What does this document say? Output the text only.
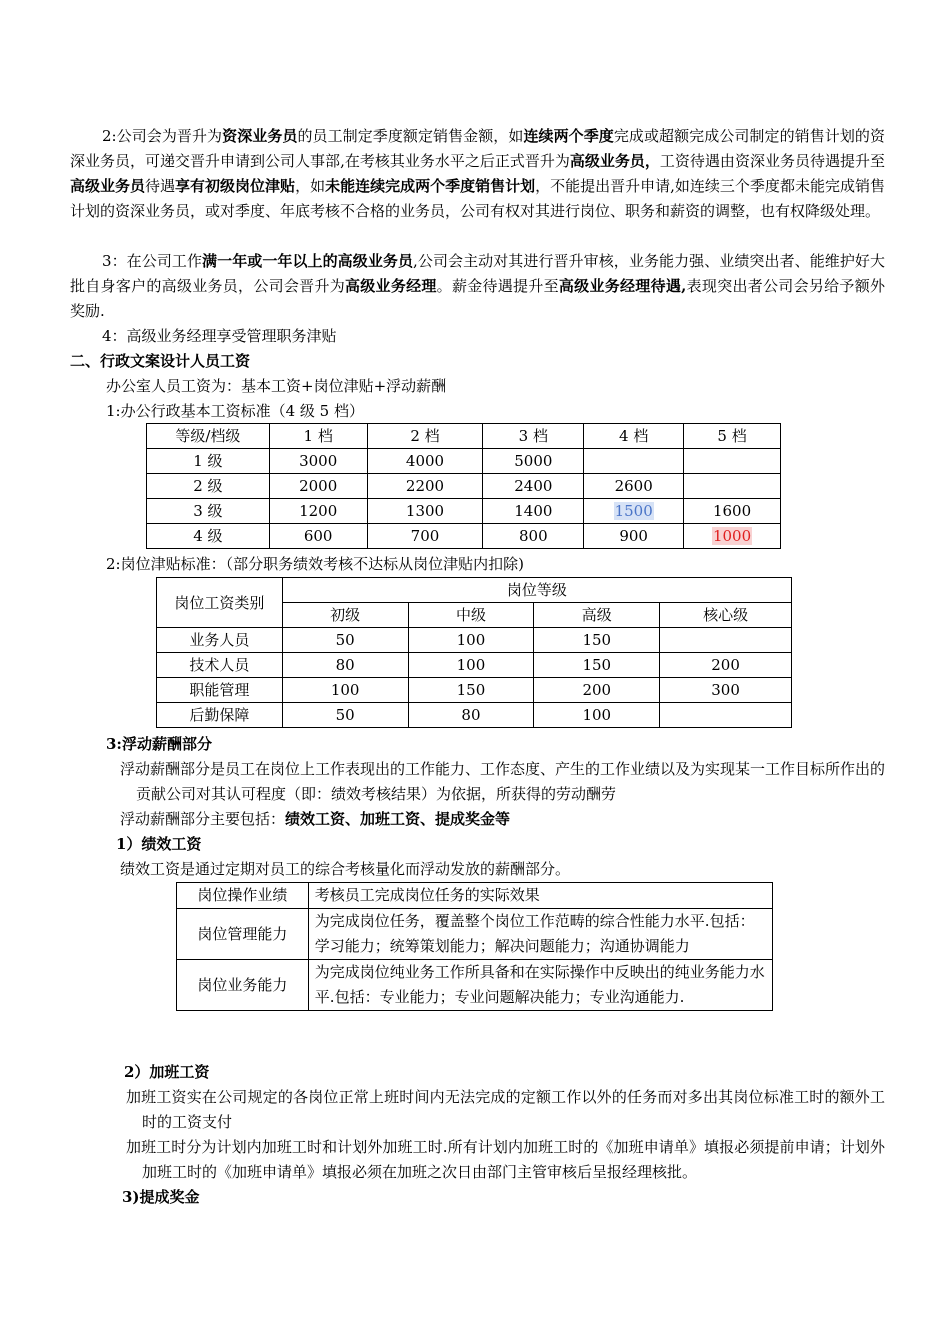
2:公司会为晋升为资深业务员的员工制定季度额定销售金额，如连续两个季度完成或超额完成公司制定的销售计划的资深业务员，可递交晋升申请到公司人事部,在考核其业务水平之后正式晋升为高级业务员，工资待遇由资深业务员待遇提升至高级业务员待遇享有初级岗位津贴，如未能连续完成两个季度销售计划，不能提出晋升申请,如连续三个季度都未能完成销售计划的资深业务员，或对季度、年底考核不合格的业务员，公司有权对其进行岗位、职务和薪资的调整，也有权降级处理。

3：在公司工作满一年或一年以上的高级业务员,公司会主动对其进行晋升审核，业务能力强、业绩突出者、能维护好大批自身客户的高级业务员，公司会晋升为高级业务经理。薪金待遇提升至高级业务经理待遇,表现突出者公司会另给予额外奖励.

4：高级业务经理享受管理职务津贴

二、行政文案设计人员工资

办公室人员工资为：基本工资+岗位津贴+浮动薪酬

1:办公行政基本工资标准（4 级 5 档）

等级/档级	1 档	2 档	3 档	4 档	5 档
1 级	3000	4000	5000		
2 级	2000	2200	2400	2600	
3 级	1200	1300	1400	1500	1600
4 级	600	700	800	900	1000

2:岗位津贴标准：（部分职务绩效考核不达标从岗位津贴内扣除)

岗位工资类别	岗位等级			
	初级	中级	高级	核心级
业务人员	50	100	150	
技术人员	80	100	150	200
职能管理	100	150	200	300
后勤保障	50	80	100	

3:浮动薪酬部分

浮动薪酬部分是员工在岗位上工作表现出的工作能力、工作态度、产生的工作业绩以及为实现某一工作目标所作出的贡献公司对其认可程度（即：绩效考核结果）为依据，所获得的劳动酬劳

浮动薪酬部分主要包括：绩效工资、加班工资、提成奖金等

1）绩效工资

绩效工资是通过定期对员工的综合考核量化而浮动发放的薪酬部分。

岗位操作业绩	考核员工完成岗位任务的实际效果
岗位管理能力	为完成岗位任务，覆盖整个岗位工作范畴的综合性能力水平.包括：学习能力；统筹策划能力；解决问题能力；沟通协调能力
岗位业务能力	为完成岗位纯业务工作所具备和在实际操作中反映出的纯业务能力水平.包括：专业能力；专业问题解决能力；专业沟通能力.

2）加班工资

加班工资实在公司规定的各岗位正常上班时间内无法完成的定额工作以外的任务而对多出其岗位标准工时的额外工时的工资支付

加班工时分为计划内加班工时和计划外加班工时.所有计划内加班工时的《加班申请单》填报必须提前申请；计划外加班工时的《加班申请单》填报必须在加班之次日由部门主管审核后呈报经理核批。

3)提成奖金
